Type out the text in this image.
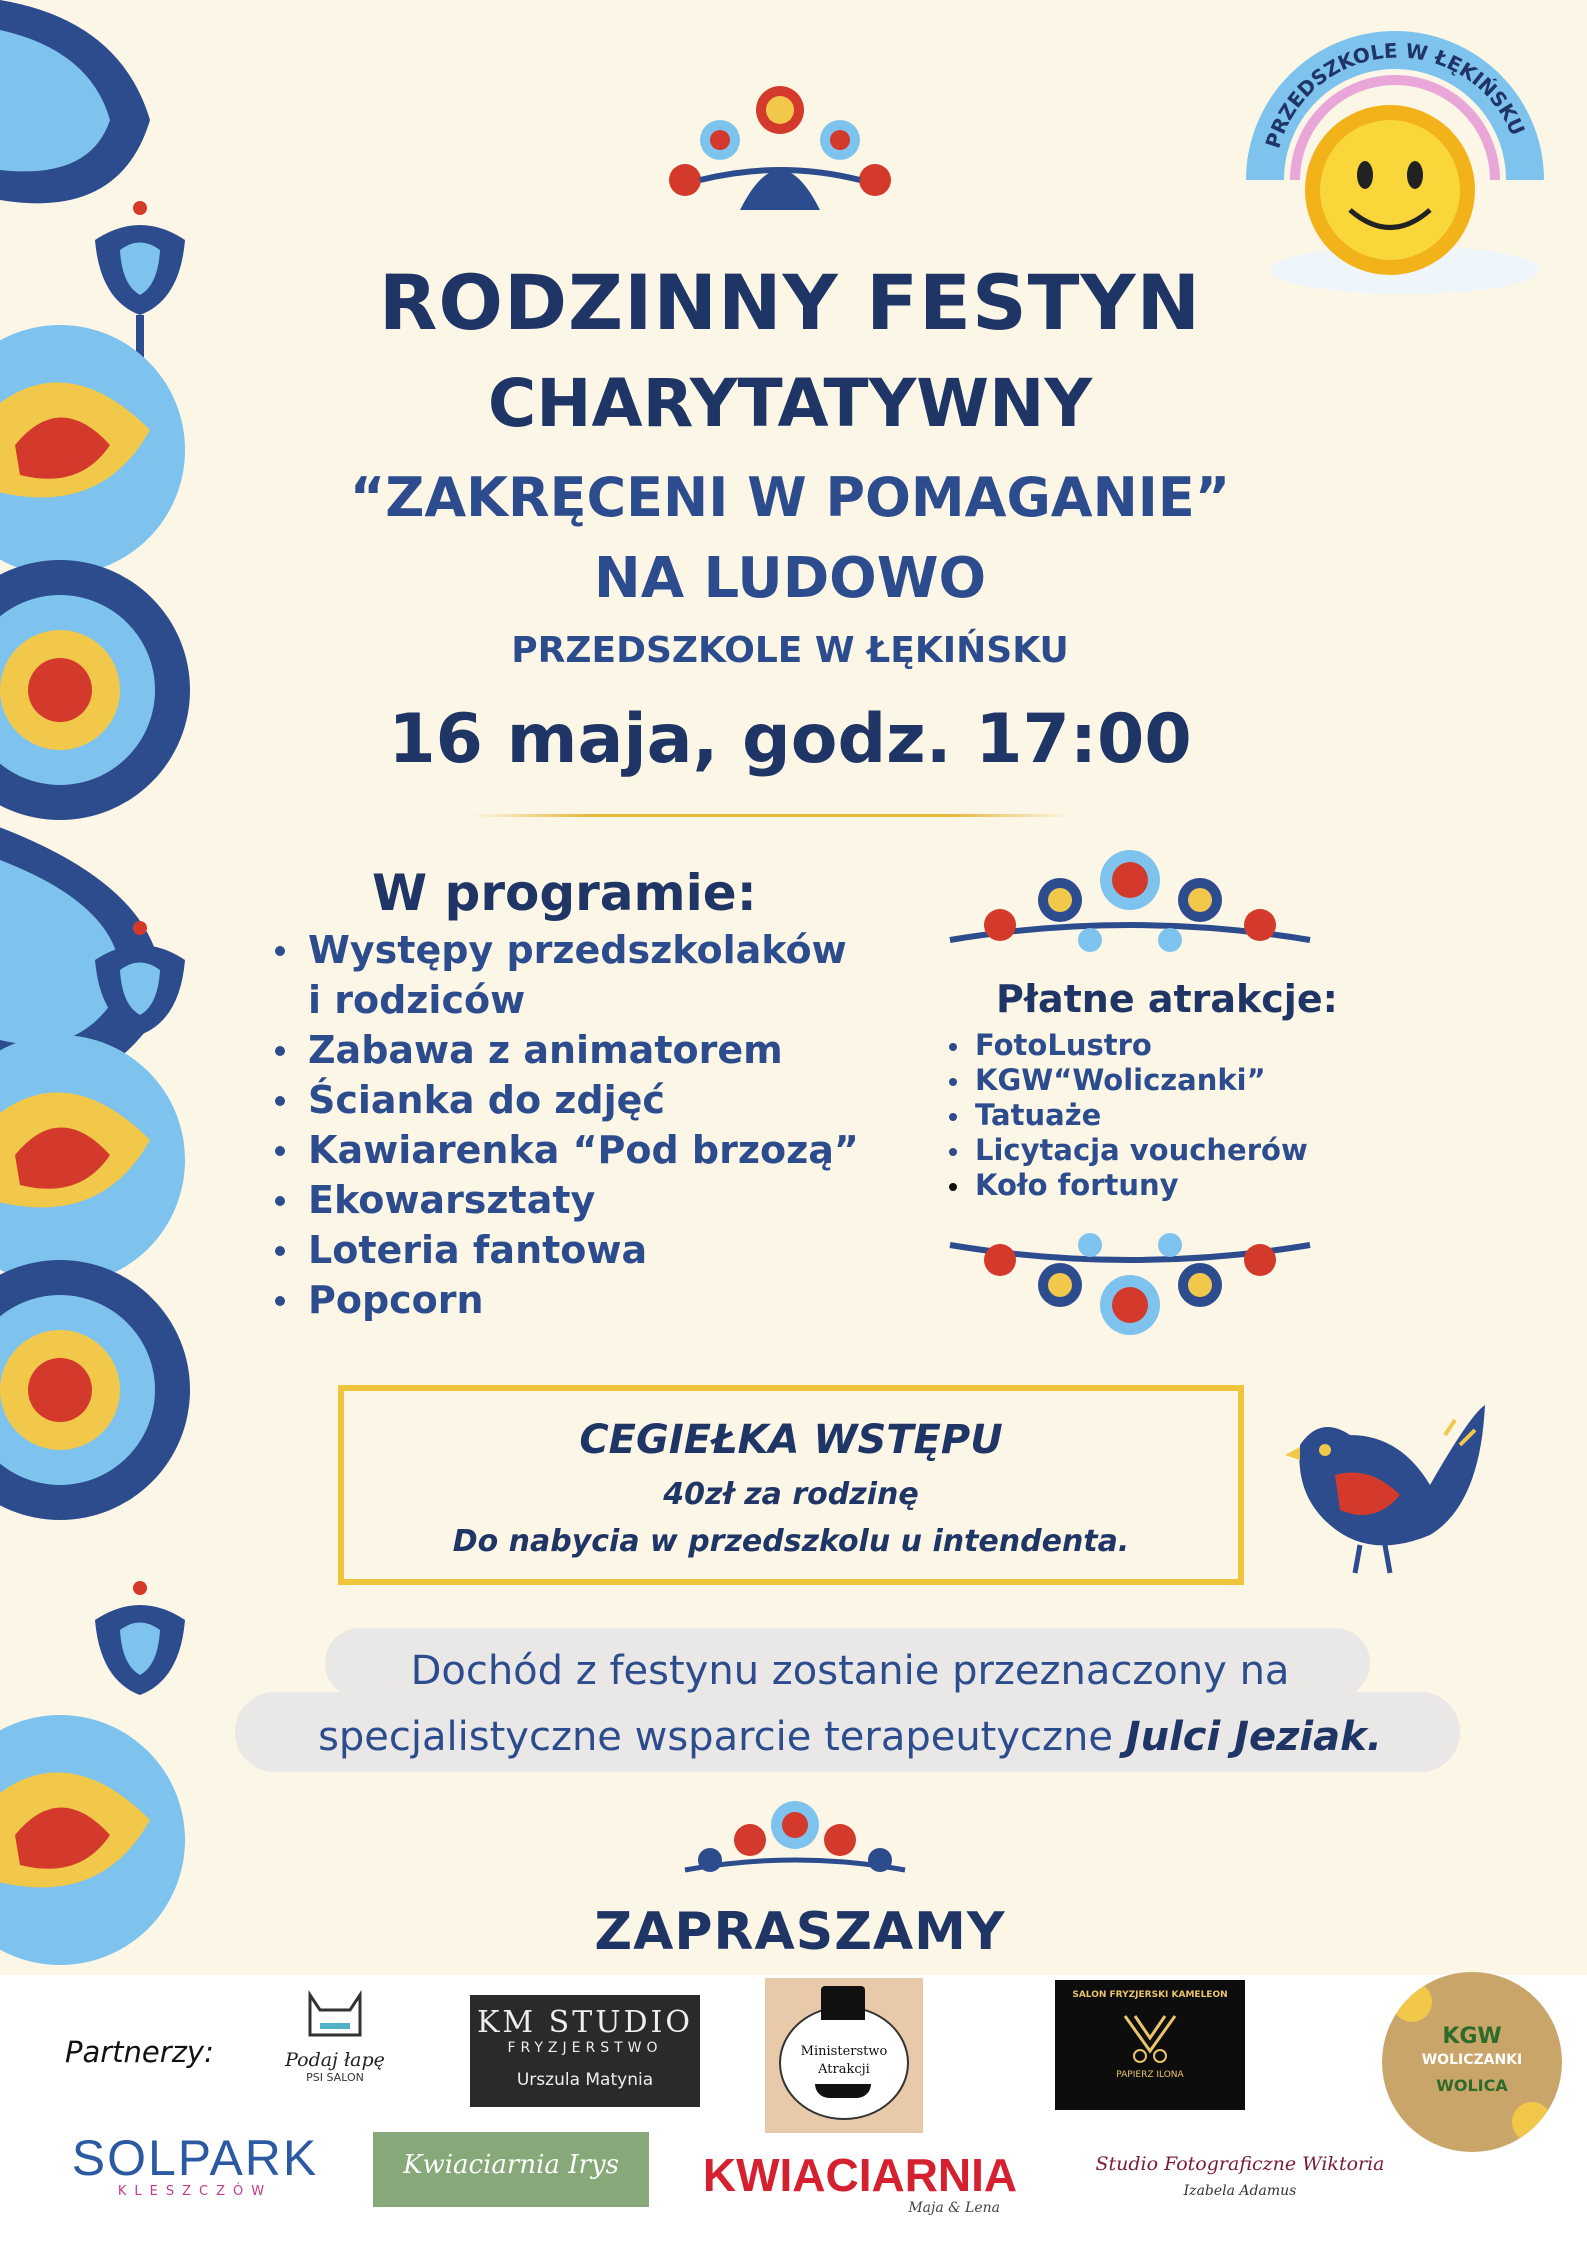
PRZEDSZKOLE W ŁĘKIŃSKU
RODZINNY FESTYN
CHARYTATYWNY
“ZAKRĘCENI W POMAGANIE”
NA LUDOWO
PRZEDSZKOLE W ŁĘKIŃSKU
16 maja, godz. 17:00
W programie:
Występy przedszkolaków
i rodziców
Zabawa z animatorem
Ścianka do zdjęć
Kawiarenka “Pod brzozą”
Ekowarsztaty
Loteria fantowa
Popcorn
Płatne atrakcje:
FotoLustro
KGW“Woliczanki”
Tatuaże
Licytacja voucherów
Koło fortuny
CEGIEŁKA WSTĘPU
40zł za rodzinę
Do nabycia w przedszkolu u intendenta.
Dochód z festynu zostanie przeznaczony na
specjalistyczne wsparcie terapeutyczne Julci Jeziak.
ZAPRASZAMY
Partnerzy:	Podaj łapę
PSI SALON
KM STUDIO
FRYZJERSTWO
Urszula Matynia
Ministerstwo
Atrakcji
SALON FRYZJERSKI KAMELEON
PAPIERZ ILONA
KGW
WOLICZANKI
WOLICA
SOLPARK
KLESZCZÓW
Kwiaciarnia Irys	KWIACIARNIA
Maja & Lena
Studio Fotograficzne Wiktoria
Izabela Adamus
